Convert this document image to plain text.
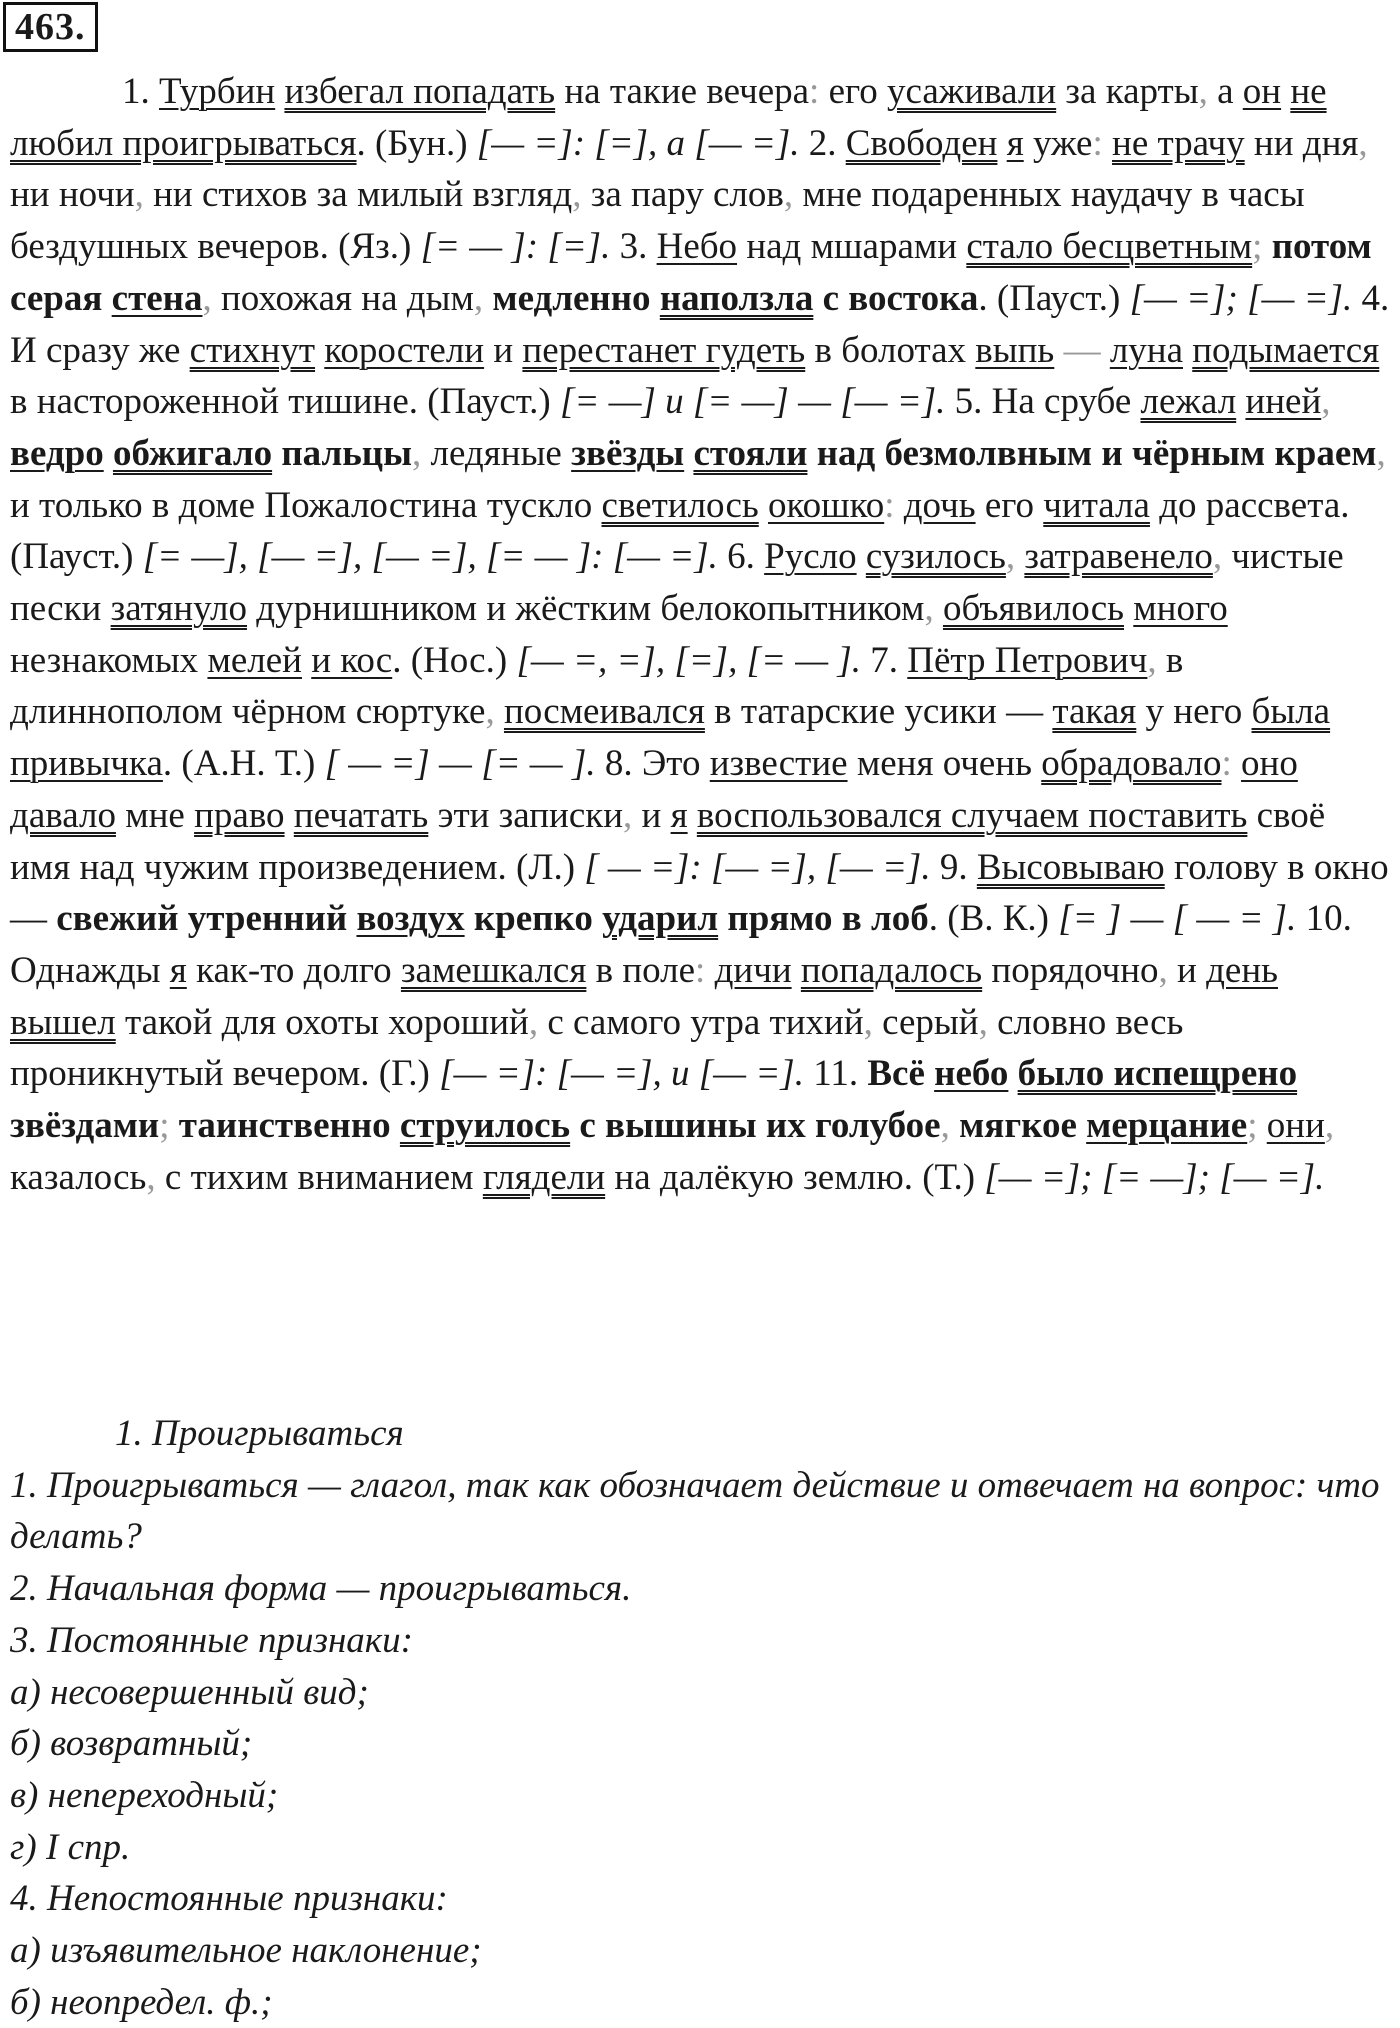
463.
1. Турбин избегал попадать на такие вечера: его усаживали за карты, а он не любил проигрываться. (Бун.) [— =]: [=], а [— =]. 2. Свободен я уже: не трачу ни дня, ни ночи, ни стихов за милый взгляд, за пару слов, мне подаренных наудачу в часы бездушных вечеров. (Яз.) [= — ]: [=]. 3. Небо над мшарами стало бесцветным; потом серая стена, похожая на дым, медленно наползла с востока. (Пауст.) [— =]; [— =]. 4. И сразу же стихнут коростели и перестанет гудеть в болотах выпь — луна подымается в настороженной тишине. (Пауст.) [= —] и [= —] — [— =]. 5. На срубе лежал иней, ведро обжигало пальцы, ледяные звёзды стояли над безмолвным и чёрным краем, и только в доме Пожалостина тускло светилось окошко: дочь его читала до рассвета. (Пауст.) [= —], [— =], [— =], [= — ]: [— =]. 6. Русло сузилось, затравенело, чистые пески затянуло дурнишником и жёстким белокопытником, объявилось много незнакомых мелей и кос. (Нос.) [— =, =], [=], [= — ]. 7. Пётр Петрович, в длиннополом чёрном сюртуке, посмеивался в татарские усики — такая у него была привычка. (А.Н. Т.) [ — =] — [= — ]. 8. Это известие меня очень обрадовало: оно давало мне право печатать эти записки, и я воспользовался случаем поставить своё имя над чужим произведением. (Л.) [ — =]: [— =], [— =]. 9. Высовываю голову в окно — свежий утренний воздух крепко ударил прямо в лоб. (В. К.) [= ] — [ — = ]. 10. Однажды я как-то долго замешкался в поле: дичи попадалось порядочно, и день вышел такой для охоты хороший, с самого утра тихий, серый, словно весь проникнутый вечером. (Г.) [— =]: [— =], и [— =]. 11. Всё небо было испещрено звёздами; таинственно струилось с вышины их голубое, мягкое мерцание; они, казалось, с тихим вниманием глядели на далёкую землю. (Т.) [— =]; [= —]; [— =].
1. Проигрываться
1. Проигрываться — глагол, так как обозначает действие и отвечает на вопрос: что делать?
2. Начальная форма — проигрываться.
3. Постоянные признаки:
а) несовершенный вид;
б) возвратный;
в) непереходный;
г) I спр.
4. Непостоянные признаки:
а) изъявительное наклонение;
б) неопредел. ф.;
